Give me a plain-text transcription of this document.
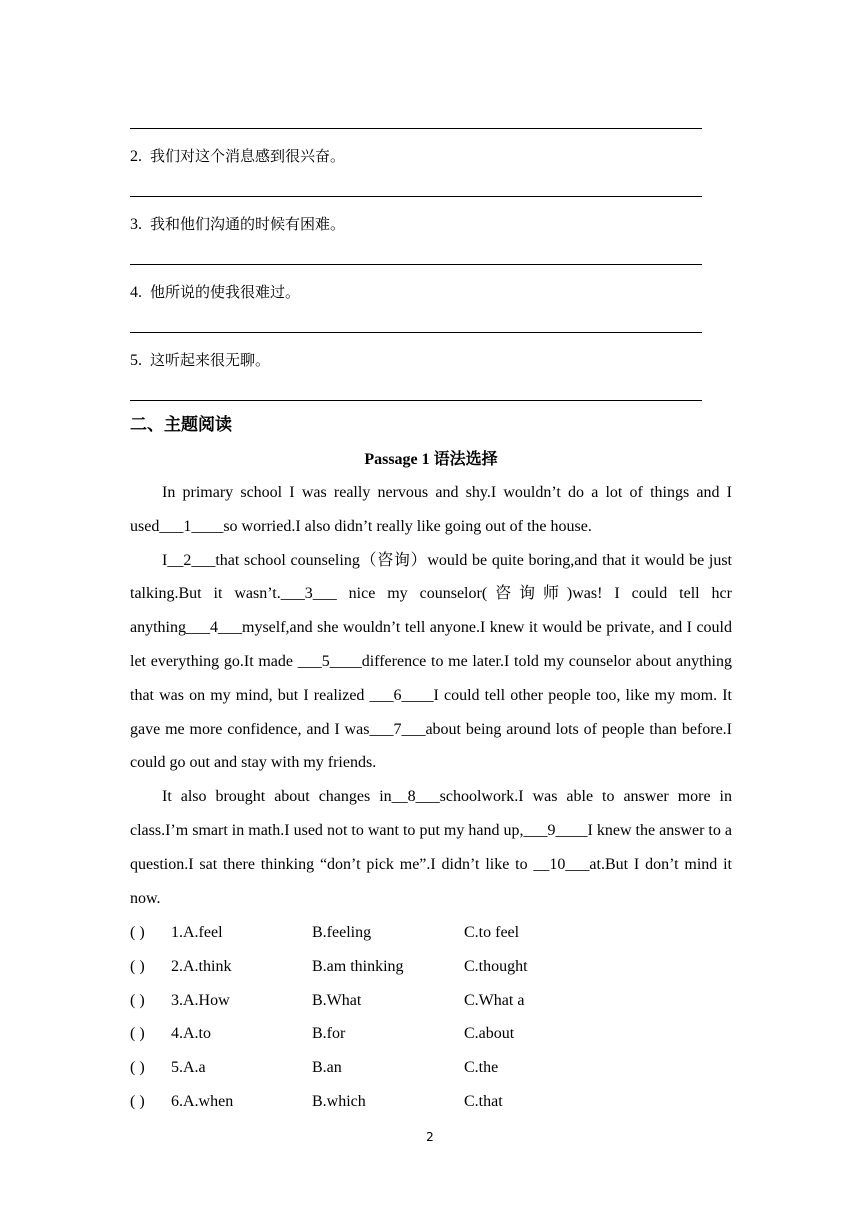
2. 我们对这个消息感到很兴奋。
3. 我和他们沟通的时候有困难。
4. 他所说的使我很难过。
5. 这听起来很无聊。
二、主题阅读
Passage 1 语法选择

In primary school I was really nervous and shy.I wouldn’t do a lot of things and I used___1____so worried.I also didn’t really like going out of the house.

I__2___that school counseling（咨询）would be quite boring,and that it would be just talking.But it wasn’t.___3___ nice my counselor(咨询师)was! I could tell hcr anything___4___myself,and she wouldn’t tell anyone.I knew it would be private, and I could let everything go.It made ___5____difference to me later.I told my counselor about anything that was on my mind, but I realized ___6____I could tell other people too, like my mom. It gave me more confidence, and I was___7___about being around lots of people than before.I could go out and stay with my friends.

It also brought about changes in__8___schoolwork.I was able to answer more in class.I’m smart in math.I used not to want to put my hand up,___9____I knew the answer to a question.I sat there thinking “don’t pick me”.I didn’t like to __10___at.But I don’t mind it now.

( ) 1.A.feel	B.feeling	C.to feel
( ) 2.A.think	B.am thinking	C.thought
( ) 3.A.How	B.What	C.What a
( ) 4.A.to	B.for	C.about
( ) 5.A.a	B.an	C.the
( ) 6.A.when	B.which	C.that
2
